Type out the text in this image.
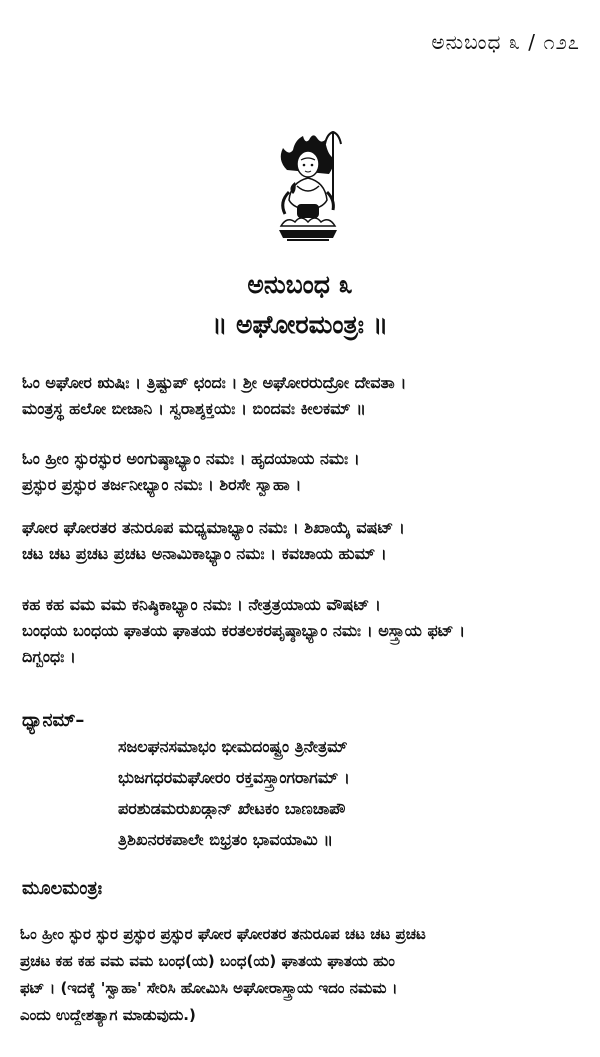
ಅನುಬಂಧ ೩ / ೧೨೭
ಅನುಬಂಧ ೩
॥ ಅಘೋರಮಂತ್ರಃ ॥
ಓಂ ಅಘೋರ ಋಷಿಃ । ತ್ರಿಷ್ಟುಪ್ ಛಂದಃ । ಶ್ರೀ ಅಘೋರರುದ್ರೋ ದೇವತಾ ।
ಮಂತ್ರಸ್ಥ ಹಲೋ ಬೀಜಾನಿ । ಸ್ವರಾಶ್ಶಕ್ತಯಃ । ಬಿಂದವಃ ಕೀಲಕಮ್ ॥
ಓಂ ಹ್ರೀಂ ಸ್ಫುರಸ್ಫುರ ಅಂಗುಷ್ಠಾಭ್ಯಾಂ ನಮಃ । ಹೃದಯಾಯ ನಮಃ ।
ಪ್ರಸ್ಫುರ ಪ್ರಸ್ಫುರ ತರ್ಜನೀಭ್ಯಾಂ ನಮಃ । ಶಿರಸೇ ಸ್ವಾಹಾ ।
ಘೋರ ಘೋರತರ ತನುರೂಪ ಮಧ್ಯಮಾಭ್ಯಾಂ ನಮಃ । ಶಿಖಾಯೈ ವಷಟ್ ।
ಚಟ ಚಟ ಪ್ರಚಟ ಪ್ರಚಟ ಅನಾಮಿಕಾಭ್ಯಾಂ ನಮಃ । ಕವಚಾಯ ಹುಮ್ ।
ಕಹ ಕಹ ವಮ ವಮ ಕನಿಷ್ಠಿಕಾಭ್ಯಾಂ ನಮಃ । ನೇತ್ರತ್ರಯಾಯ ವೌಷಟ್ ।
ಬಂಧಯ ಬಂಧಯ ಘಾತಯ ಘಾತಯ ಕರತಲಕರಪೃಷ್ಠಾಭ್ಯಾಂ ನಮಃ । ಅಸ್ತ್ರಾಯ ಫಟ್ ।
ದಿಗ್ಬಂಧಃ ।
ಧ್ಯಾನಮ್–
ಸಜಲಘನಸಮಾಭಂ ಭೀಮದಂಷ್ಟ್ರಂ ತ್ರಿನೇತ್ರಮ್
ಭುಜಗಧರಮಘೋರಂ ರಕ್ತವಸ್ತ್ರಾಂಗರಾಗಮ್ ।
ಪರಶುಡಮರುಖಡ್ಗಾನ್ ಖೇಟಕಂ ಬಾಣಚಾಪೌ
ತ್ರಿಶಿಖನರಕಪಾಲೇ ಬಿಭ್ರತಂ ಭಾವಯಾಮಿ ॥
ಮೂಲಮಂತ್ರಃ
ಓಂ ಹ್ರೀಂ ಸ್ಫುರ ಸ್ಫುರ ಪ್ರಸ್ಫುರ ಪ್ರಸ್ಫುರ ಘೋರ ಘೋರತರ ತನುರೂಪ ಚಟ ಚಟ ಪ್ರಚಟ
ಪ್ರಚಟ ಕಹ ಕಹ ವಮ ವಮ ಬಂಧ(ಯ) ಬಂಧ(ಯ) ಘಾತಯ ಘಾತಯ ಹುಂ
ಫಟ್ । (ಇದಕ್ಕೆ 'ಸ್ವಾಹಾ' ಸೇರಿಸಿ ಹೋಮಿಸಿ ಅಘೋರಾಸ್ತ್ರಾಯ ಇದಂ ನಮಮ ।
ಎಂದು ಉದ್ದೇಶತ್ಯಾಗ ಮಾಡುವುದು.)
